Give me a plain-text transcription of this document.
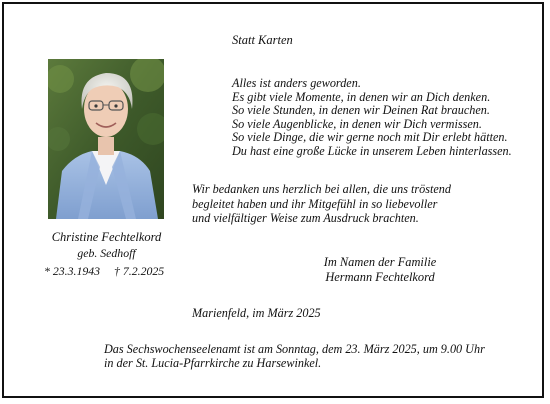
Statt Karten
Alles ist anders geworden.
Es gibt viele Momente, in denen wir an Dich denken.
So viele Stunden, in denen wir Deinen Rat brauchen.
So viele Augenblicke, in denen wir Dich vermissen.
So viele Dinge, die wir gerne noch mit Dir erlebt hätten.
Du hast eine große Lücke in unserem Leben hinterlassen.
Christine Fechtelkord
geb. Sedhoff
* 23.3.1943 † 7.2.2025
Wir bedanken uns herzlich bei allen, die uns tröstend
begleitet haben und ihr Mitgefühl in so liebevoller
und vielfältiger Weise zum Ausdruck brachten.
Im Namen der Familie
Hermann Fechtelkord
Marienfeld, im März 2025
Das Sechswochenseelenamt ist am Sonntag, dem 23. März 2025, um 9.00 Uhr
in der St. Lucia-Pfarrkirche zu Harsewinkel.
